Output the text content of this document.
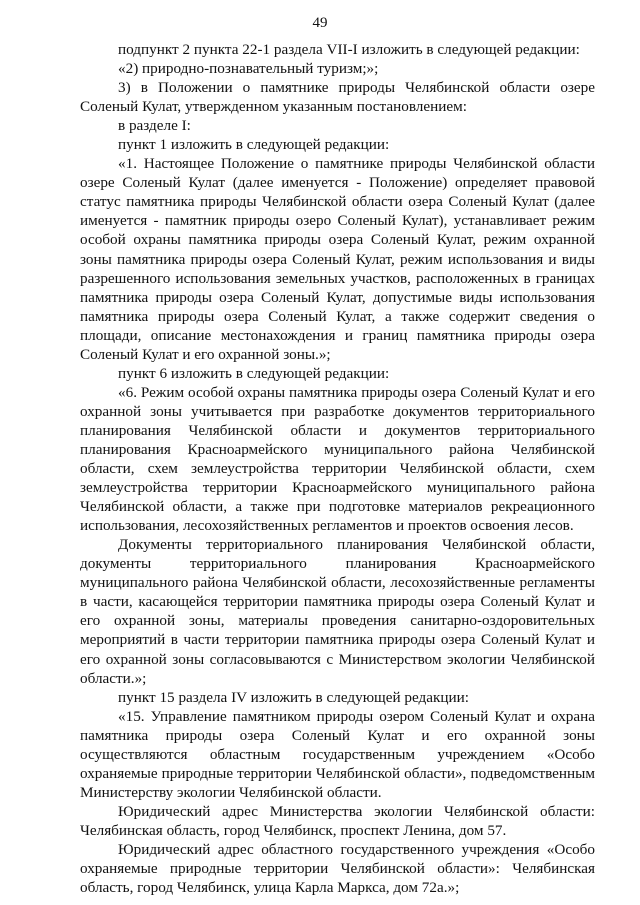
49

подпункт 2 пункта 22-1 раздела VII-I изложить в следующей редакции:

«2) природно-познавательный туризм;»;

3) в Положении о памятнике природы Челябинской области озере Соленый Кулат, утвержденном указанным постановлением:

в разделе I:

пункт 1 изложить в следующей редакции:

«1. Настоящее Положение о памятнике природы Челябинской области озере Соленый Кулат (далее именуется - Положение) определяет правовой статус памятника природы Челябинской области озера Соленый Кулат (далее именуется - памятник природы озеро Соленый Кулат), устанавливает режим особой охраны памятника природы озера Соленый Кулат, режим охранной зоны памятника природы озера Соленый Кулат, режим использования и виды разрешенного использования земельных участков, расположенных в границах памятника природы озера Соленый Кулат, допустимые виды использования памятника природы озера Соленый Кулат, а также содержит сведения о площади, описание местонахождения и границ памятника природы озера Соленый Кулат и его охранной зоны.»;

пункт 6 изложить в следующей редакции:

«6. Режим особой охраны памятника природы озера Соленый Кулат и его охранной зоны учитывается при разработке документов территориального планирования Челябинской области и документов территориального планирования Красноармейского муниципального района Челябинской области, схем землеустройства территории Челябинской области, схем землеустройства территории Красноармейского муниципального района Челябинской области, а также при подготовке материалов рекреационного использования, лесохозяйственных регламентов и проектов освоения лесов.

Документы территориального планирования Челябинской области, документы территориального планирования Красноармейского муниципального района Челябинской области, лесохозяйственные регламенты в части, касающейся территории памятника природы озера Соленый Кулат и его охранной зоны, материалы проведения санитарно-оздоровительных мероприятий в части территории памятника природы озера Соленый Кулат и его охранной зоны согласовываются с Министерством экологии Челябинской области.»;

пункт 15 раздела IV изложить в следующей редакции:

«15. Управление памятником природы озером Соленый Кулат и охрана памятника природы озера Соленый Кулат и его охранной зоны осуществляются областным государственным учреждением «Особо охраняемые природные территории Челябинской области», подведомственным Министерству экологии Челябинской области.

Юридический адрес Министерства экологии Челябинской области: Челябинская область, город Челябинск, проспект Ленина, дом 57.

Юридический адрес областного государственного учреждения «Особо охраняемые природные территории Челябинской области»: Челябинская область, город Челябинск, улица Карла Маркса, дом 72а.»;
